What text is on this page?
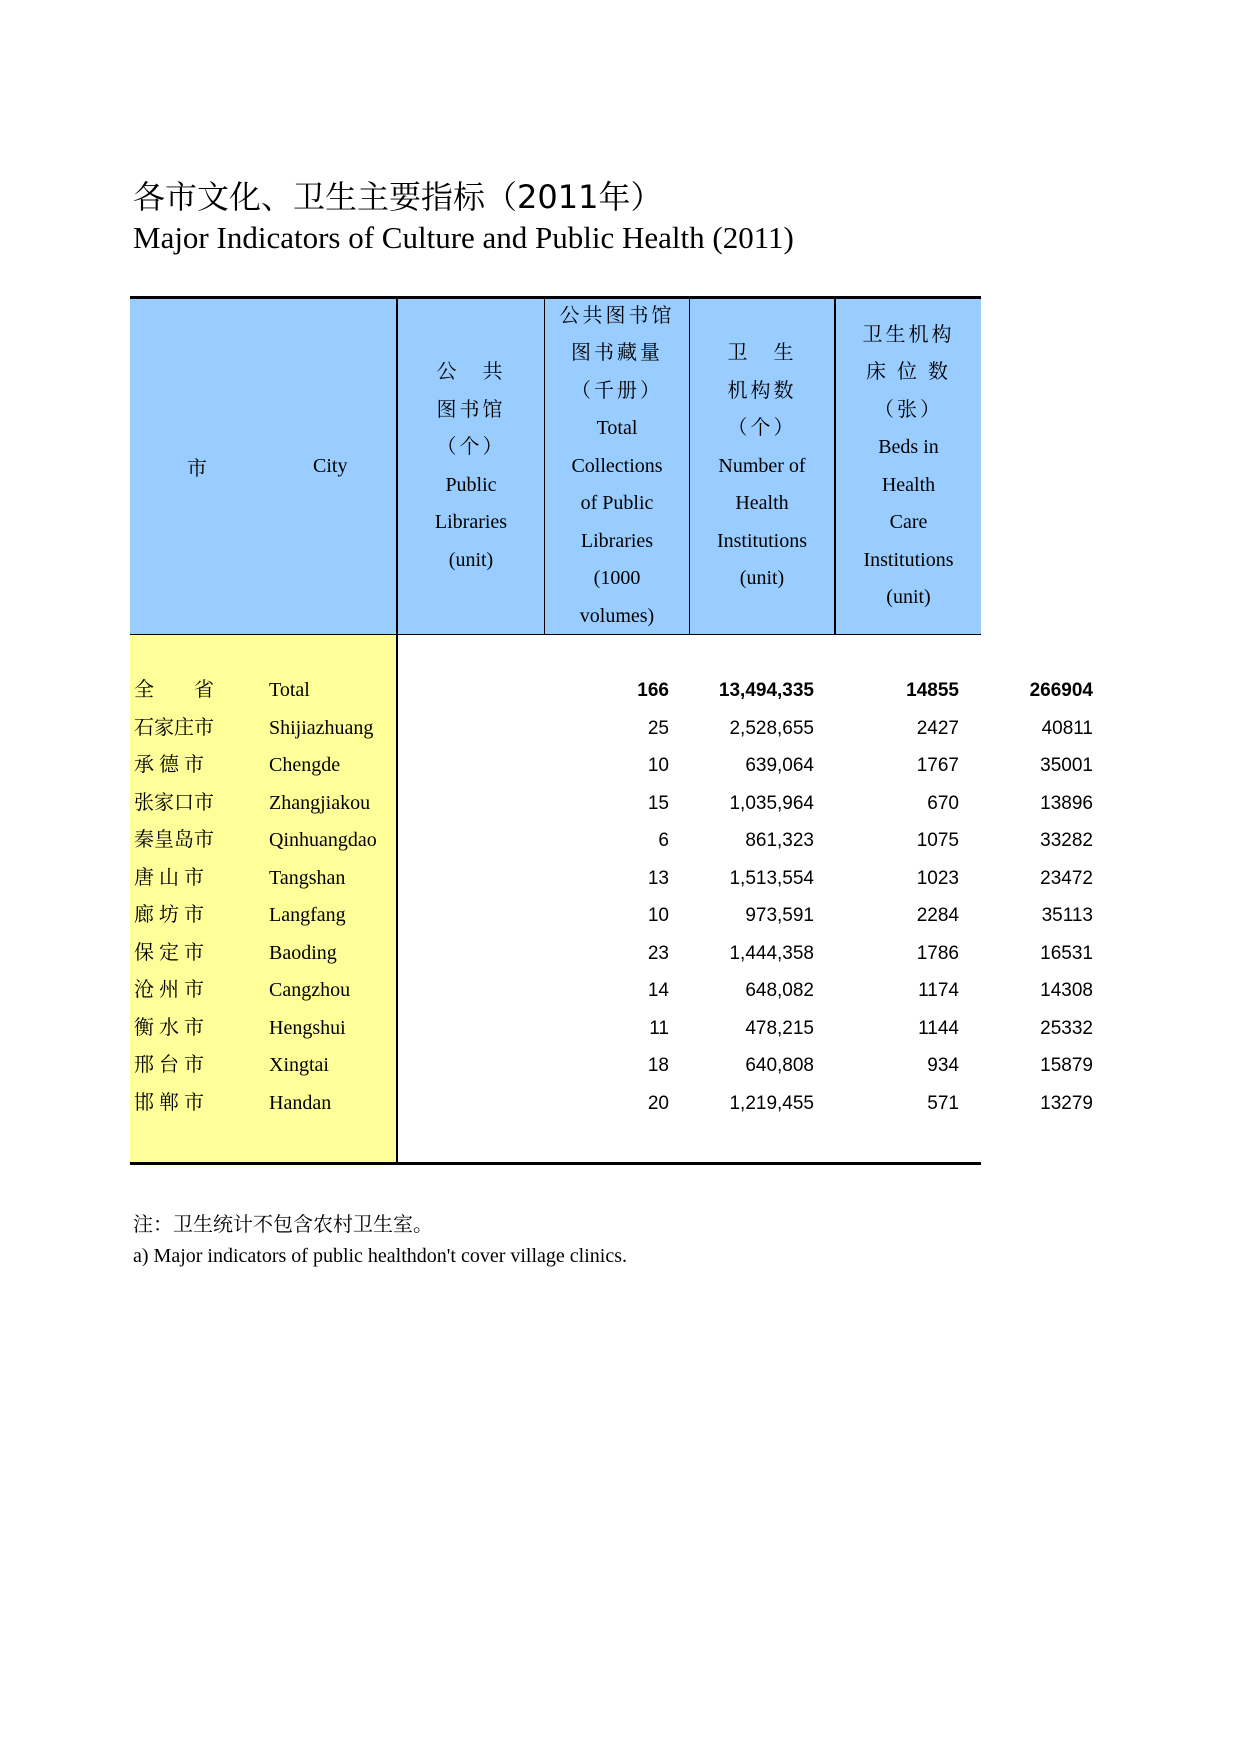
各市文化、卫生主要指标（2011年）
Major Indicators of Culture and Public Health (2011)
市	City
公　共
图书馆
（个）
Public
Libraries
(unit)
公共图书馆
图书藏量
（千册）
Total
Collections
of Public
Libraries
(1000
volumes)
卫　生
机构数
（个）
Number of
Health
Institutions
(unit)
卫生机构
床 位 数
（张）
Beds in
Health
Care
Institutions
(unit)
全　　省	Total	166	13,494,335	14855	266904
石家庄市	Shijiazhuang	25	2,528,655	2427	40811
承 德 市	Chengde	10	639,064	1767	35001
张家口市	Zhangjiakou	15	1,035,964	670	13896
秦皇岛市	Qinhuangdao	6	861,323	1075	33282
唐 山 市	Tangshan	13	1,513,554	1023	23472
廊 坊 市	Langfang	10	973,591	2284	35113
保 定 市	Baoding	23	1,444,358	1786	16531
沧 州 市	Cangzhou	14	648,082	1174	14308
衡 水 市	Hengshui	11	478,215	1144	25332
邢 台 市	Xingtai	18	640,808	934	15879
邯 郸 市	Handan	20	1,219,455	571	13279
注：卫生统计不包含农村卫生室。
a) Major indicators of public healthdon't cover village clinics.
